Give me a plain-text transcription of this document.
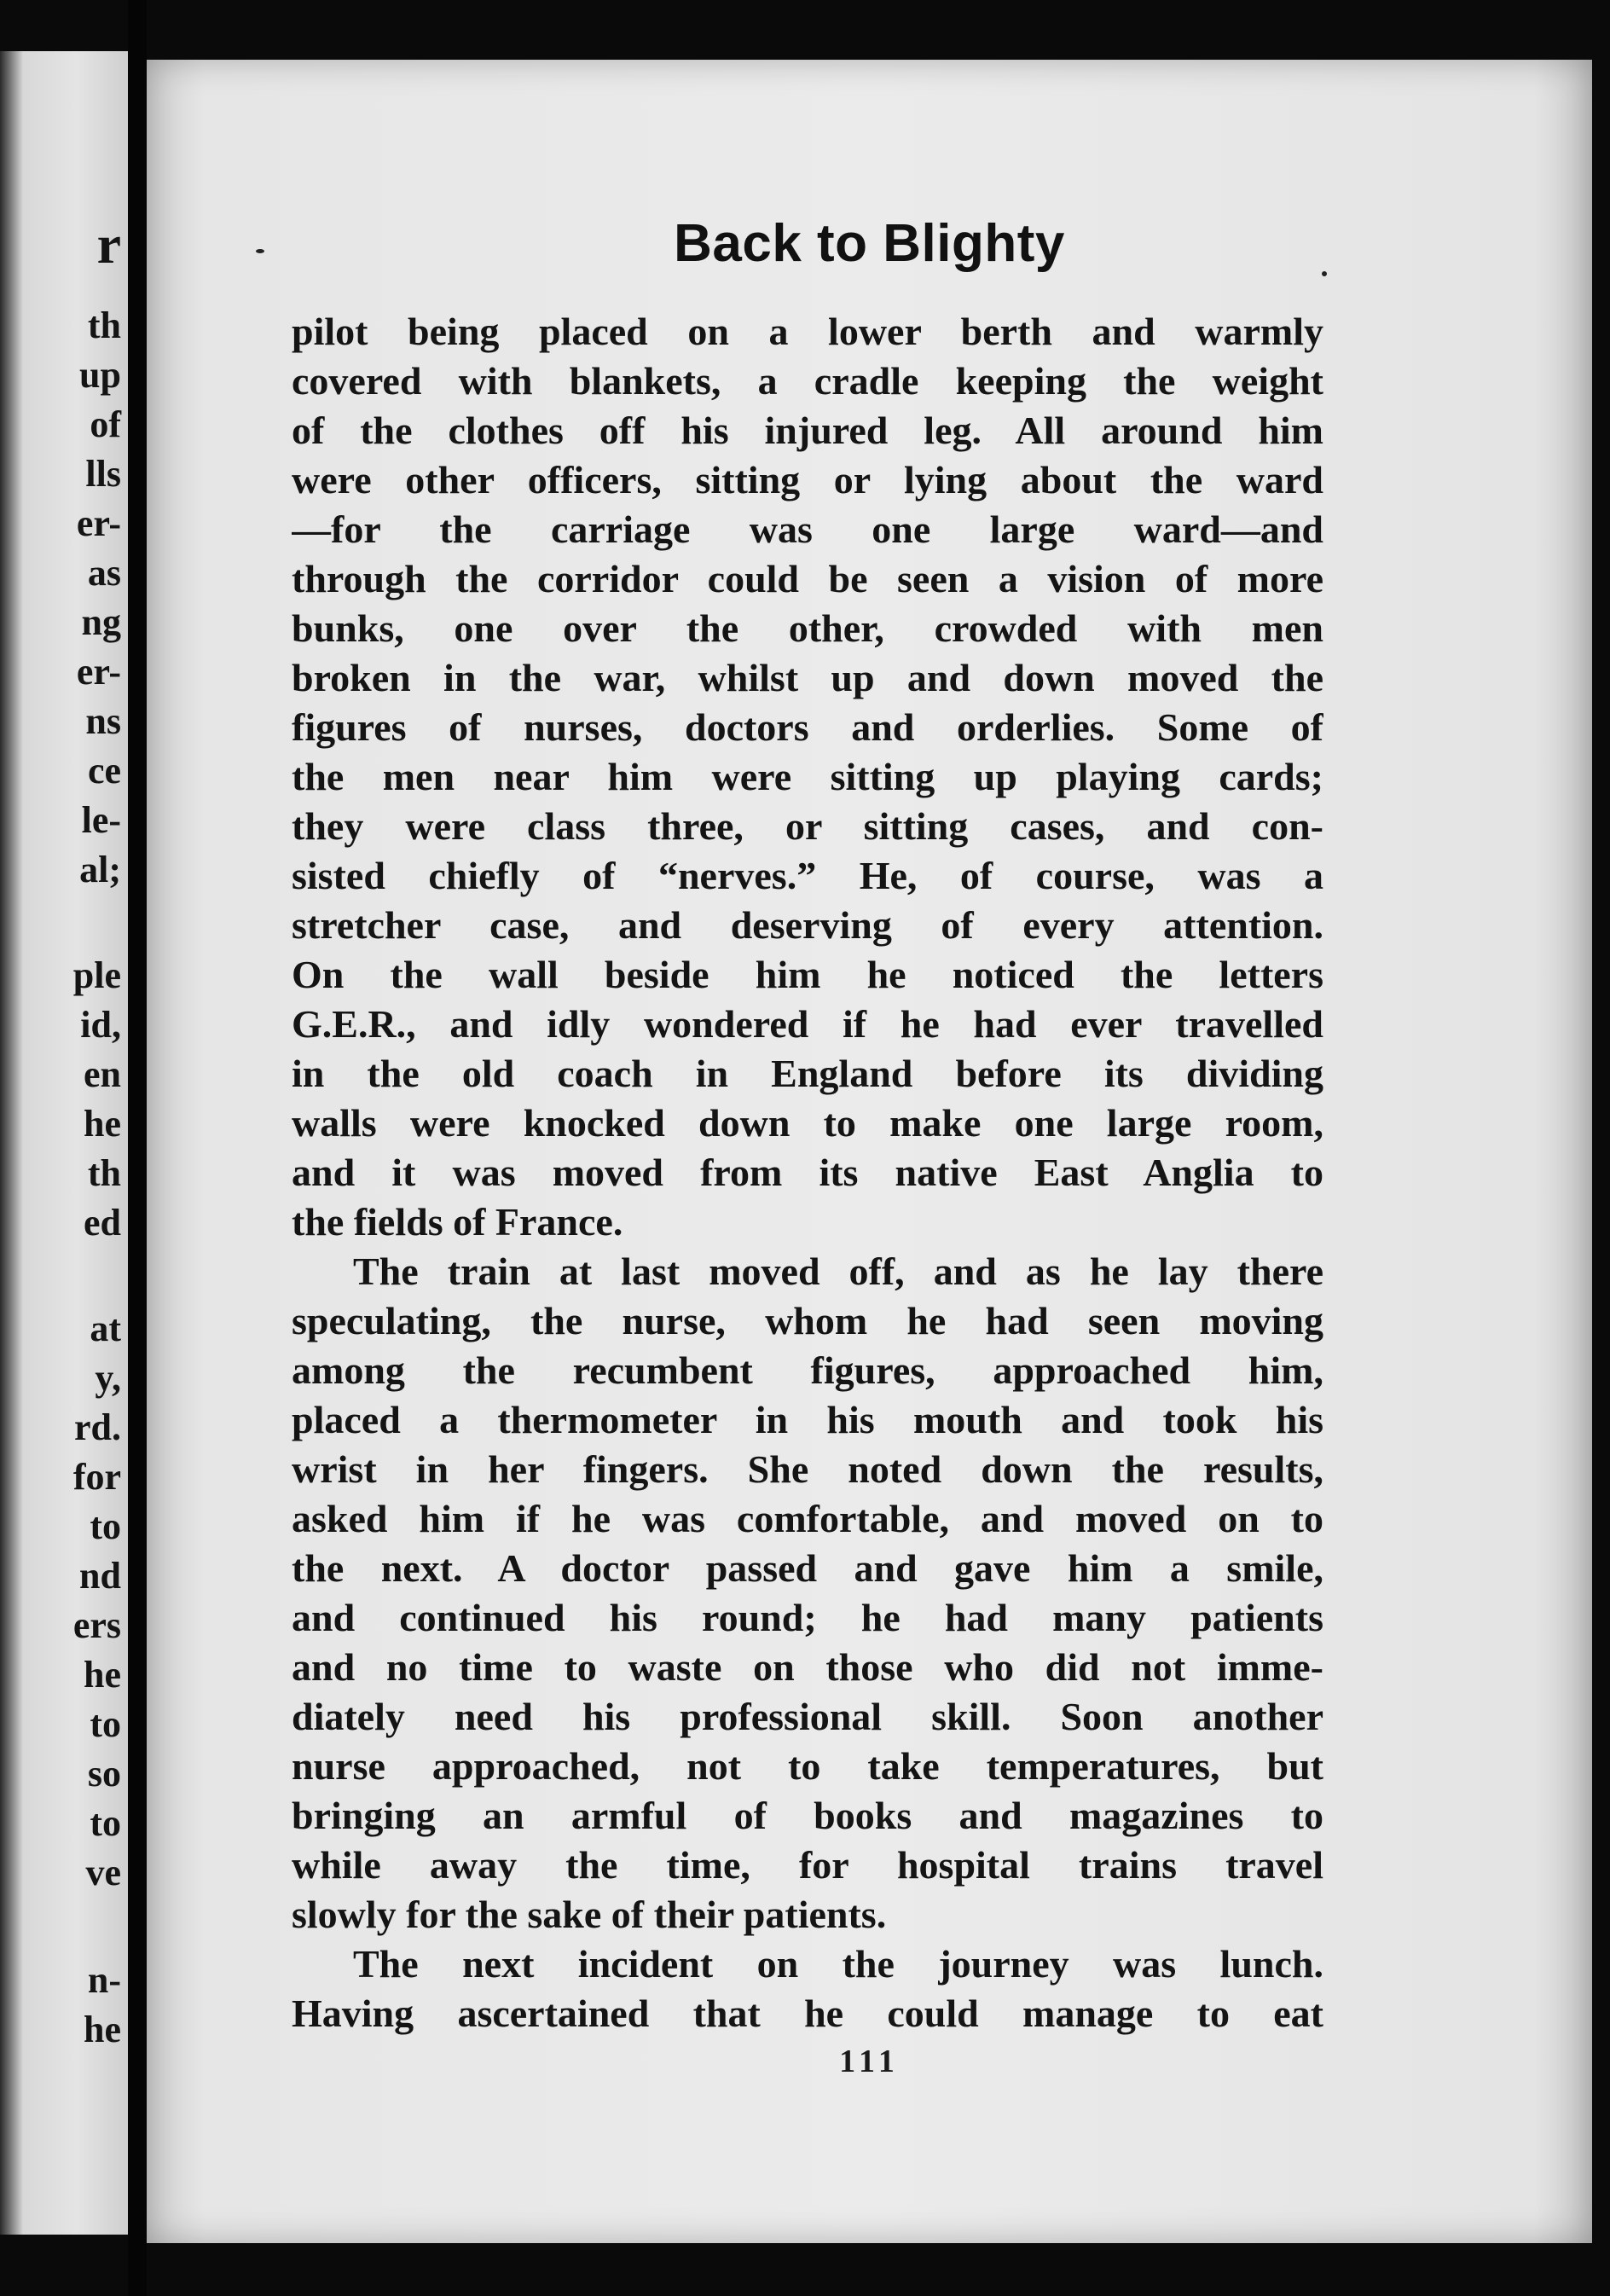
r
th
up
of
lls
er-
as
ng
er-
ns
ce
le-
al;
ple
id,
en
he
th
ed
at
y,
rd.
for
to
nd
ers
he
to
so
to
ve
n-
he
Back to Blighty
pilot being placed on a lower berth and warmly
covered with blankets, a cradle keeping the weight
of the clothes off his injured leg. All around him
were other officers, sitting or lying about the ward
—for the carriage was one large ward—and
through the corridor could be seen a vision of more
bunks, one over the other, crowded with men
broken in the war, whilst up and down moved the
figures of nurses, doctors and orderlies. Some of
the men near him were sitting up playing cards;
they were class three, or sitting cases, and con-
sisted chiefly of “nerves.” He, of course, was a
stretcher case, and deserving of every attention.
On the wall beside him he noticed the letters
G.E.R., and idly wondered if he had ever travelled
in the old coach in England before its dividing
walls were knocked down to make one large room,
and it was moved from its native East Anglia to
the fields of France.
The train at last moved off, and as he lay there
speculating, the nurse, whom he had seen moving
among the recumbent figures, approached him,
placed a thermometer in his mouth and took his
wrist in her fingers. She noted down the results,
asked him if he was comfortable, and moved on to
the next. A doctor passed and gave him a smile,
and continued his round; he had many patients
and no time to waste on those who did not imme-
diately need his professional skill. Soon another
nurse approached, not to take temperatures, but
bringing an armful of books and magazines to
while away the time, for hospital trains travel
slowly for the sake of their patients.
The next incident on the journey was lunch.
Having ascertained that he could manage to eat
111
